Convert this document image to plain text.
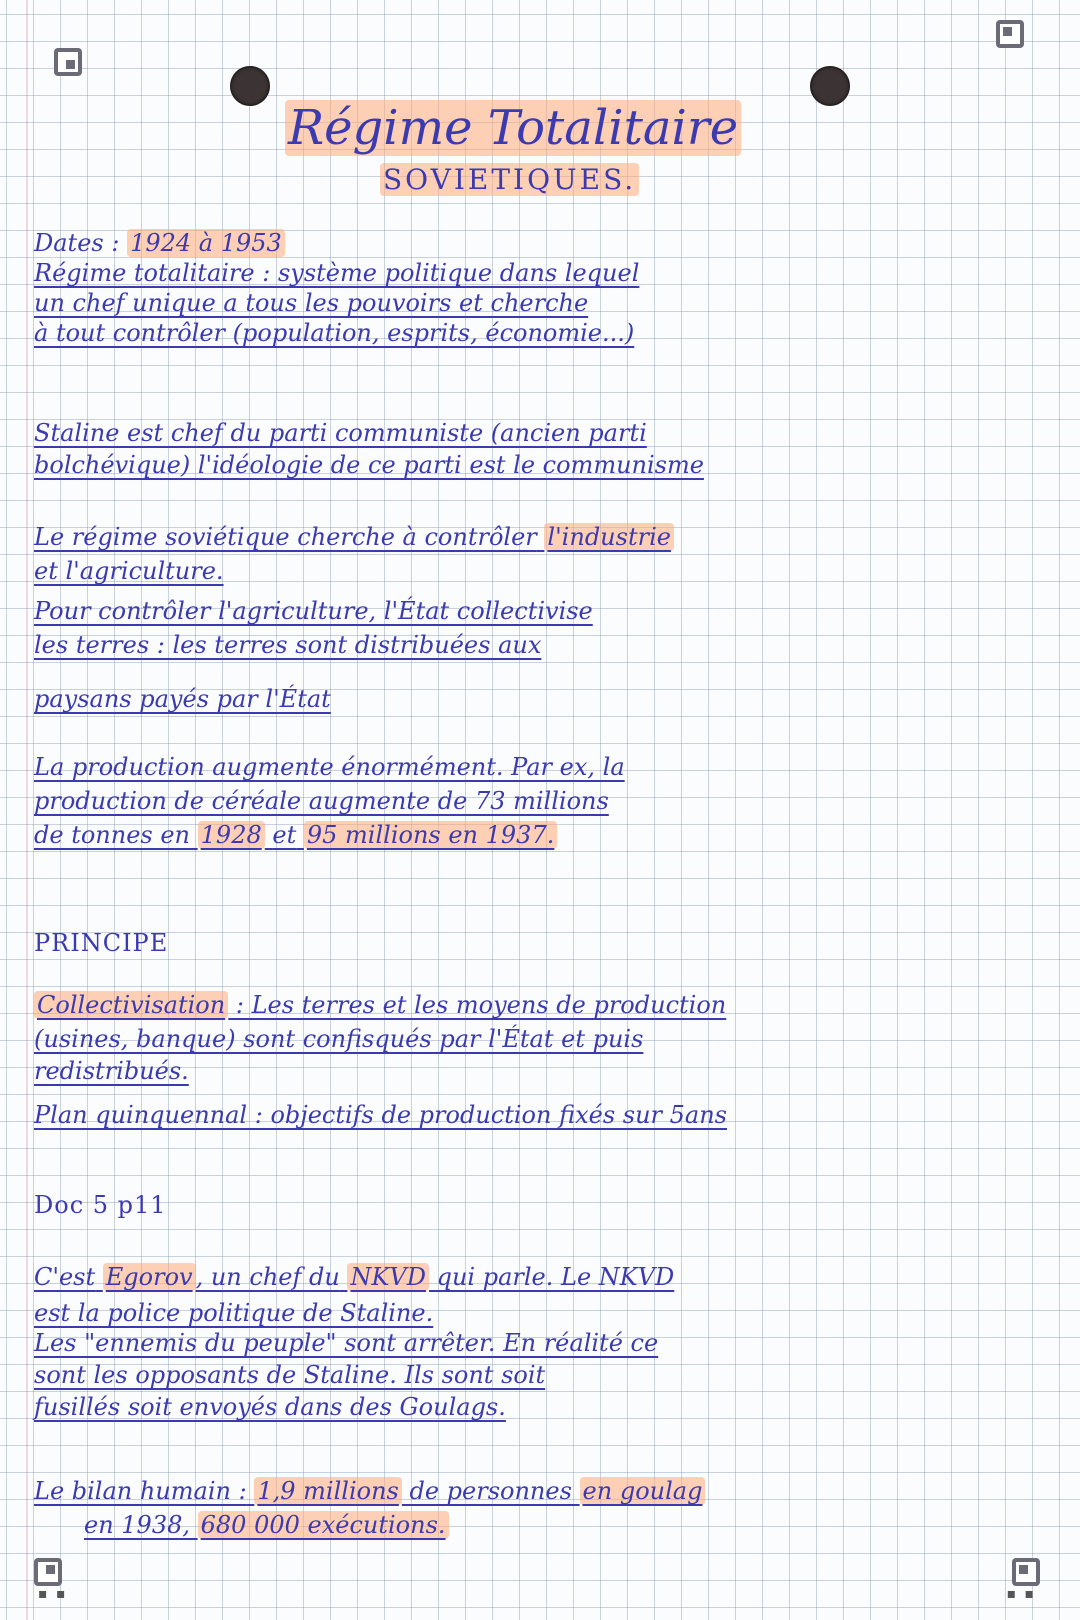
Régime Totalitaire
SOVIETIQUES.
Dates : 1924 à 1953
Régime totalitaire : système politique dans lequel
un chef unique a tous les pouvoirs et cherche
à tout contrôler (population, esprits, économie...)
Staline est chef du parti communiste (ancien parti
bolchévique) l'idéologie de ce parti est le communisme
Le régime soviétique cherche à contrôler l'industrie
et l'agriculture.
Pour contrôler l'agriculture, l'État collectivise
les terres : les terres sont distribuées aux
paysans payés par l'État
La production augmente énormément. Par ex, la
production de céréale augmente de 73 millions
de tonnes en 1928 et 95 millions en 1937.
PRINCIPE
Collectivisation : Les terres et les moyens de production
(usines, banque) sont confisqués par l'État et puis
redistribués.
Plan quinquennal : objectifs de production fixés sur 5ans
Doc 5 p11
C'est Egorov , un chef du NKVD qui parle. Le NKVD
est la police politique de Staline.
Les "ennemis du peuple" sont arrêter. En réalité ce
sont les opposants de Staline. Ils sont soit
fusillés soit envoyés dans des Goulags.
Le bilan humain : 1,9 millions de personnes en goulag
en 1938, 680 000 exécutions.
▪ ▪	▪ ▪
